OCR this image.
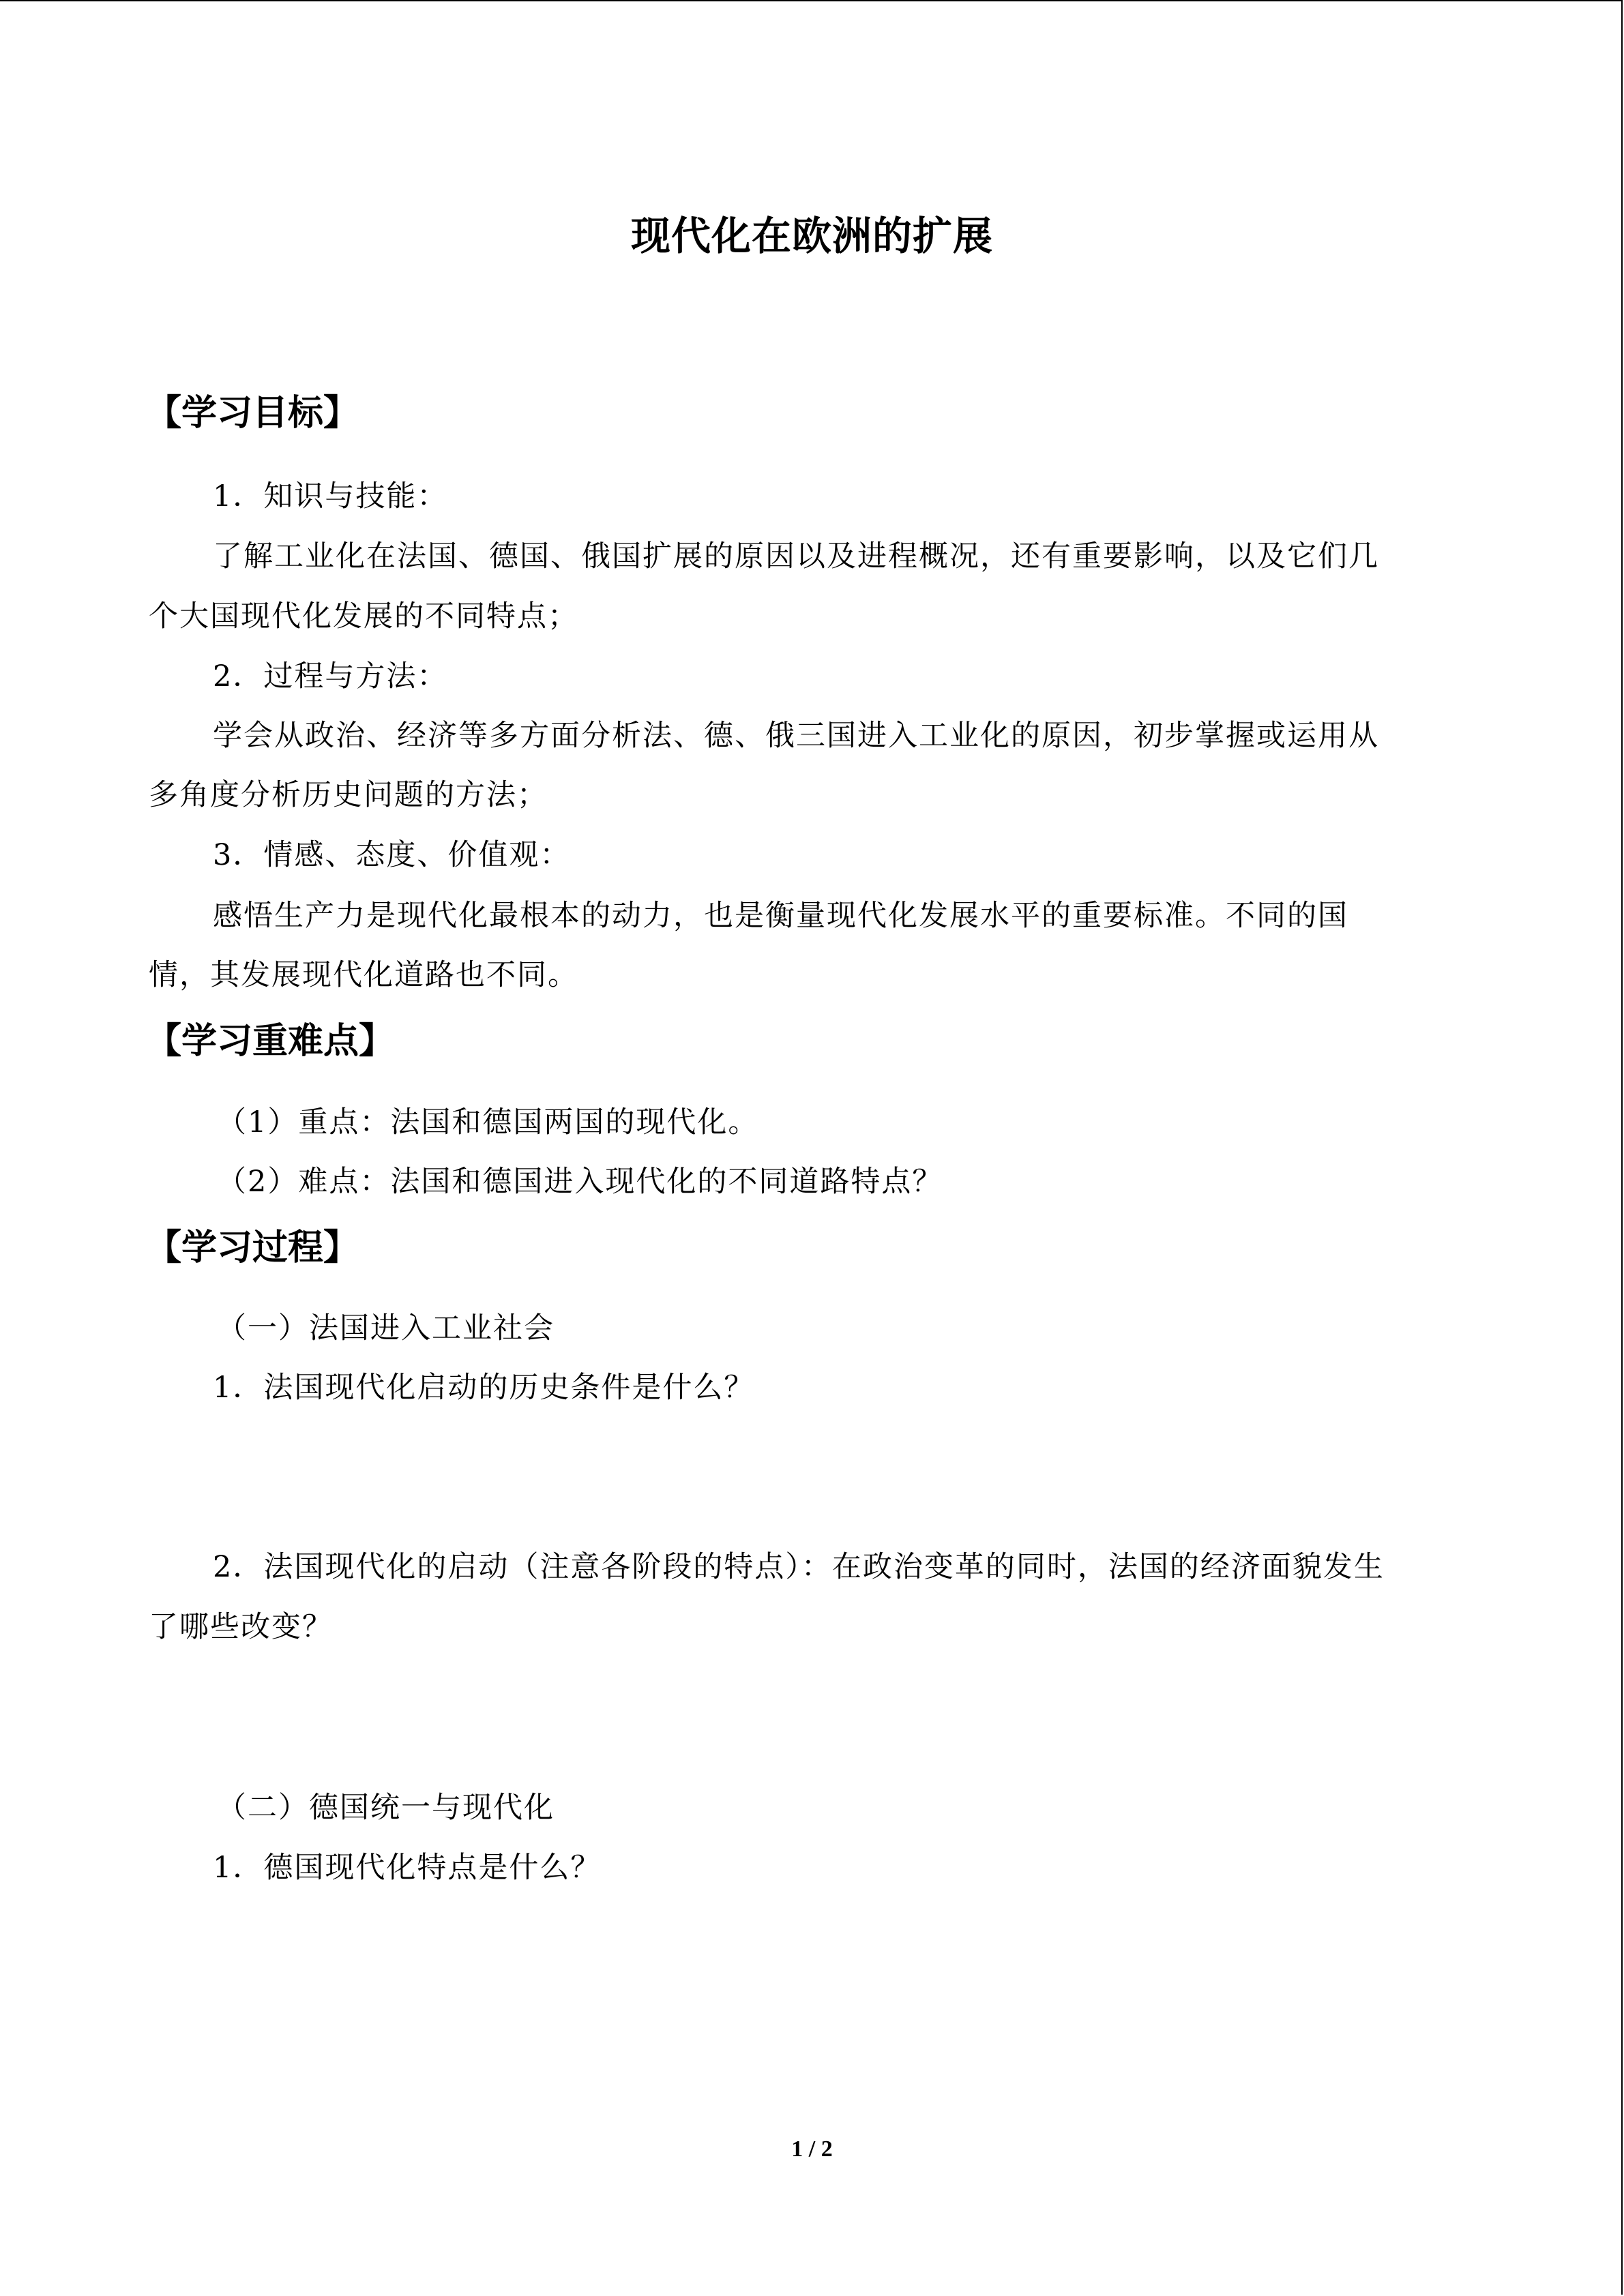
现代化在欧洲的扩展
【学习目标】
1．知识与技能：
了解工业化在法国、德国、俄国扩展的原因以及进程概况，还有重要影响，以及它们几
个大国现代化发展的不同特点；
2．过程与方法：
学会从政治、经济等多方面分析法、德、俄三国进入工业化的原因，初步掌握或运用从
多角度分析历史问题的方法；
3．情感、态度、价值观：
感悟生产力是现代化最根本的动力，也是衡量现代化发展水平的重要标准。不同的国
情，其发展现代化道路也不同。
【学习重难点】
（1）重点：法国和德国两国的现代化。
（2）难点：法国和德国进入现代化的不同道路特点？
【学习过程】
（一）法国进入工业社会
1．法国现代化启动的历史条件是什么？
2．法国现代化的启动（注意各阶段的特点）：在政治变革的同时，法国的经济面貌发生
了哪些改变？
（二）德国统一与现代化
1．德国现代化特点是什么？
1 / 2
